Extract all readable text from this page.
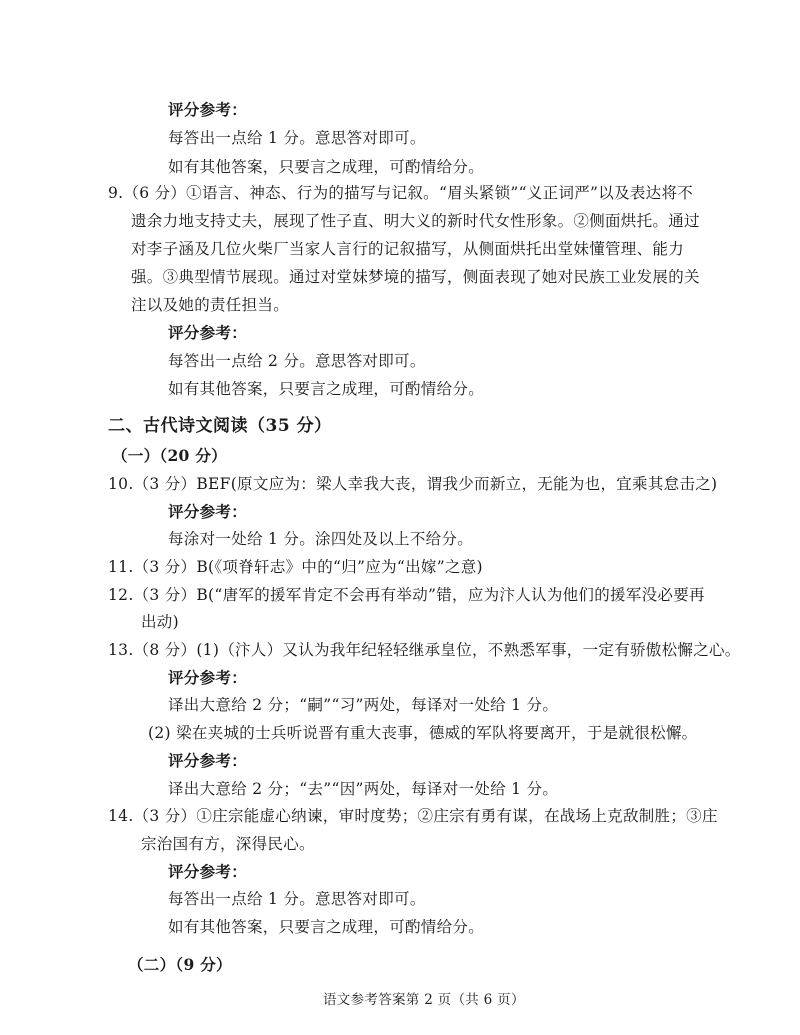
评分参考：
每答出一点给 1 分。意思答对即可。
如有其他答案，只要言之成理，可酌情给分。
9.（6 分）①语言、神态、行为的描写与记叙。“眉头紧锁”“义正词严”以及表达将不
遗余力地支持丈夫，展现了性子直、明大义的新时代女性形象。②侧面烘托。通过
对李子涵及几位火柴厂当家人言行的记叙描写，从侧面烘托出堂妹懂管理、能力
强。③典型情节展现。通过对堂妹梦境的描写，侧面表现了她对民族工业发展的关
注以及她的责任担当。
评分参考：
每答出一点给 2 分。意思答对即可。
如有其他答案，只要言之成理，可酌情给分。
二、古代诗文阅读（35 分）
（一）（20 分）
10.（3 分）BEF(原文应为：梁人幸我大丧，谓我少而新立，无能为也，宜乘其怠击之)
评分参考：
每涂对一处给 1 分。涂四处及以上不给分。
11.（3 分）B(《项脊轩志》中的“归”应为“出嫁”之意)
12.（3 分）B(“唐军的援军肯定不会再有举动”错，应为汴人认为他们的援军没必要再
出动)
13.（8 分）(1)（汴人）又认为我年纪轻轻继承皇位，不熟悉军事，一定有骄傲松懈之心。
评分参考：
译出大意给 2 分；“嗣”“习”两处，每译对一处给 1 分。
(2) 梁在夹城的士兵听说晋有重大丧事，德威的军队将要离开，于是就很松懈。
评分参考：
译出大意给 2 分；“去”“因”两处，每译对一处给 1 分。
14.（3 分）①庄宗能虚心纳谏，审时度势；②庄宗有勇有谋，在战场上克敌制胜；③庄
宗治国有方，深得民心。
评分参考：
每答出一点给 1 分。意思答对即可。
如有其他答案，只要言之成理，可酌情给分。
（二）（9 分）
语文参考答案第 2 页（共 6 页）
